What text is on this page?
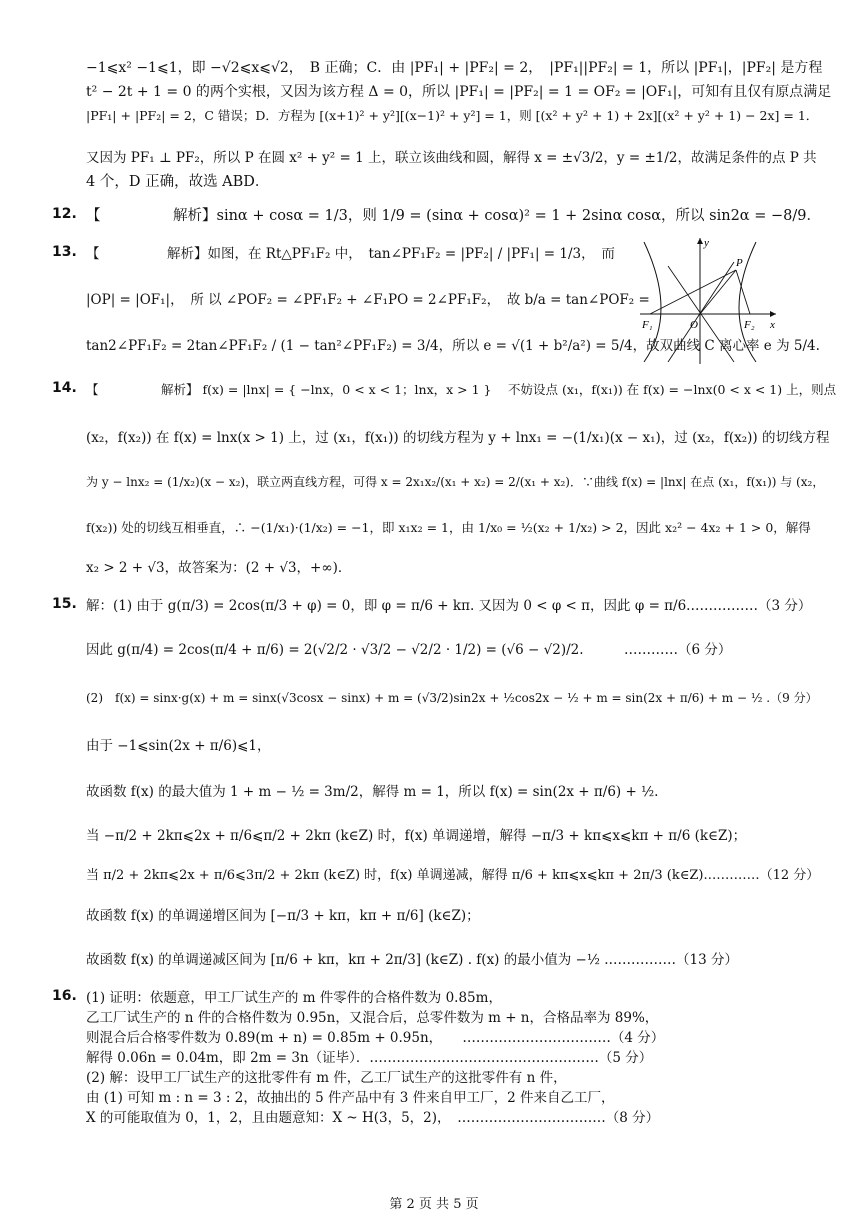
−1⩽x² −1⩽1，即 −√2⩽x⩽√2，　B 正确；C．由 |PF₁| + |PF₂| = 2，　|PF₁||PF₂| = 1，所以 |PF₁|，|PF₂| 是方程
t² − 2t + 1 = 0 的两个实根，又因为该方程 Δ = 0，所以 |PF₁| = |PF₂| = 1 = OF₂ = |OF₁|，可知有且仅有原点满足
|PF₁| + |PF₂| = 2，C 错误；D．方程为 [(x+1)² + y²][(x−1)² + y²] = 1，则 [(x² + y² + 1) + 2x][(x² + y² + 1) − 2x] = 1．
又因为 PF₁ ⊥ PF₂，所以 P 在圆 x² + y² = 1 上，联立该曲线和圆，解得 x = ±√3/2，y = ±1/2，故满足条件的点 P 共
4 个，D 正确，故选 ABD．
12. 【　　　　　解析】sinα + cosα = 1/3，则 1/9 = (sinα + cosα)² = 1 + 2sinα cosα，所以 sin2α = −8/9．
13. 【　　　　　解析】如图，在 Rt△PF₁F₂ 中，　tan∠PF₁F₂ = |PF₂| / |PF₁| = 1/3，　而
|OP| = |OF₁|，　所 以 ∠POF₂ = ∠PF₁F₂ + ∠F₁PO = 2∠PF₁F₂，　故 b/a = tan∠POF₂ =
tan2∠PF₁F₂ = 2tan∠PF₁F₂ / (1 − tan²∠PF₁F₂) = 3/4，所以 e = √(1 + b²/a²) = 5/4，故双曲线 C 离心率 e 为 5/4.
y
x
P
F₁	O	F₂
14. 【　　　　　解析】 f(x) = |lnx| = { −lnx，0 < x < 1；lnx，x > 1 }　 不妨设点 (x₁，f(x₁)) 在 f(x) = −lnx(0 < x < 1) 上，则点
(x₂，f(x₂)) 在 f(x) = lnx(x > 1) 上，过 (x₁，f(x₁)) 的切线方程为 y + lnx₁ = −(1/x₁)(x − x₁)，过 (x₂，f(x₂)) 的切线方程
为 y − lnx₂ = (1/x₂)(x − x₂)，联立两直线方程，可得 x = 2x₁x₂/(x₁ + x₂) = 2/(x₁ + x₂)．∵曲线 f(x) = |lnx| 在点 (x₁，f(x₁)) 与 (x₂，
f(x₂)) 处的切线互相垂直，∴ −(1/x₁)·(1/x₂) = −1，即 x₁x₂ = 1，由 1/x₀ = ½(x₂ + 1/x₂) > 2，因此 x₂² − 4x₂ + 1 > 0，解得
x₂ > 2 + √3，故答案为：(2 + √3，+∞)．
15. 解：(1) 由于 g(π/3) = 2cos(π/3 + φ) = 0，即 φ = π/6 + kπ. 又因为 0 < φ < π，因此 φ = π/6.……………（3 分）
因此 g(π/4) = 2cos(π/4 + π/6) = 2(√2/2 · √3/2 − √2/2 · 1/2) = (√6 − √2)/2.　　　…………（6 分）
(2)　f(x) = sinx·g(x) + m = sinx(√3cosx − sinx) + m = (√3/2)sin2x + ½cos2x − ½ + m = sin(2x + π/6) + m − ½ .（9 分）
由于 −1⩽sin(2x + π/6)⩽1，
故函数 f(x) 的最大值为 1 + m − ½ = 3m/2，解得 m = 1，所以 f(x) = sin(2x + π/6) + ½.
当 −π/2 + 2kπ⩽2x + π/6⩽π/2 + 2kπ (k∈Z) 时，f(x) 单调递增，解得 −π/3 + kπ⩽x⩽kπ + π/6 (k∈Z)；
当 π/2 + 2kπ⩽2x + π/6⩽3π/2 + 2kπ (k∈Z) 时，f(x) 单调递减，解得 π/6 + kπ⩽x⩽kπ + 2π/3 (k∈Z).…………（12 分）
故函数 f(x) 的单调递增区间为 [−π/3 + kπ，kπ + π/6] (k∈Z)；
故函数 f(x) 的单调递减区间为 [π/6 + kπ，kπ + 2π/3] (k∈Z) . f(x) 的最小值为 −½ .……………（13 分）
16. (1) 证明：依题意，甲工厂试生产的 m 件零件的合格件数为 0.85m，
乙工厂试生产的 n 件的合格件数为 0.95n，又混合后，总零件数为 m + n，合格品率为 89%，
则混合后合格零件数为 0.89(m + n) = 0.85m + 0.95n，　　……………………………（4 分）
解得 0.06n = 0.04m，即 2m = 3n（证毕）．……………………………………………（5 分）
(2) 解：设甲工厂试生产的这批零件有 m 件，乙工厂试生产的这批零件有 n 件，
由 (1) 可知 m : n = 3 : 2，故抽出的 5 件产品中有 3 件来自甲工厂，2 件来自乙工厂，
X 的可能取值为 0，1，2，且由题意知：X ~ H(3，5，2)，　……………………………（8 分）
第 2 页 共 5 页
